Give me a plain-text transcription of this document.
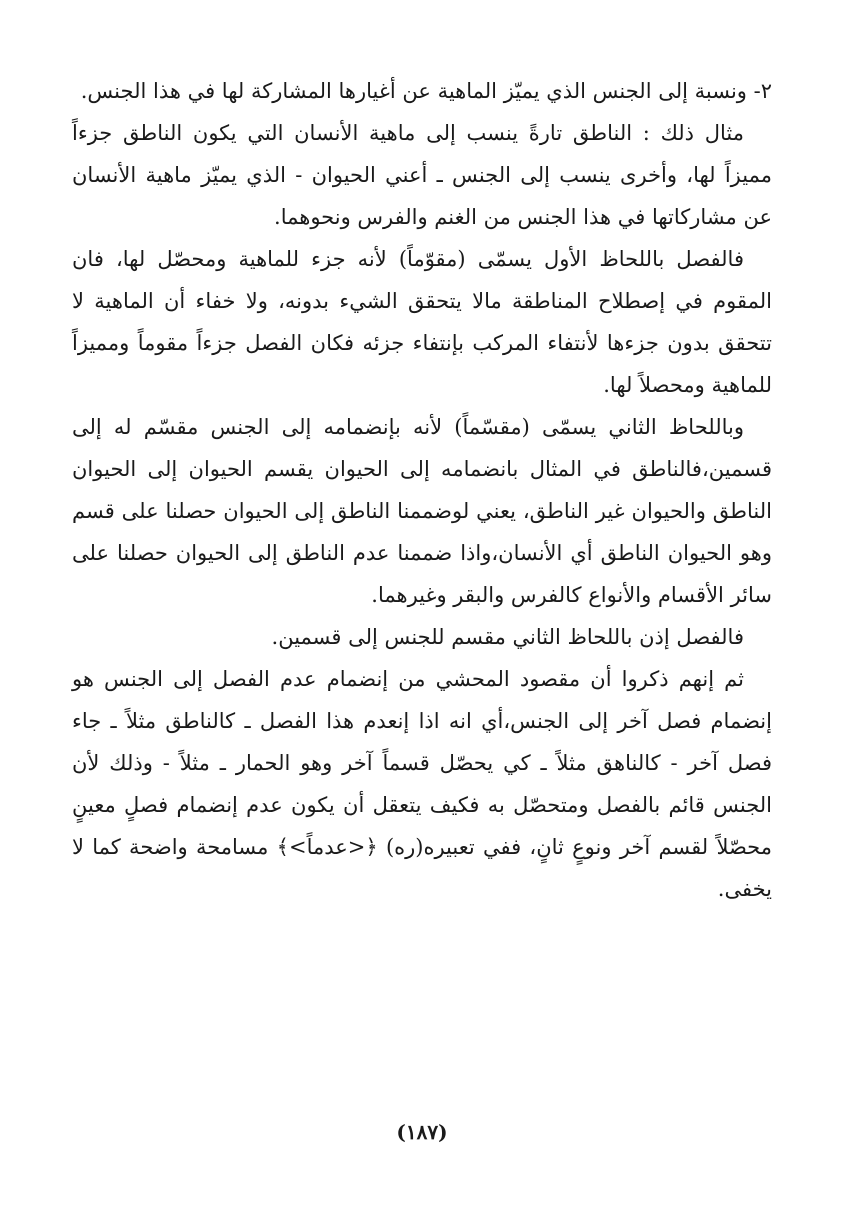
٢- ونسبة إلى الجنس الذي يميّز الماهية عن أغيارها المشاركة لها في هذا الجنس.

مثال ذلك : الناطق تارةً ينسب إلى ماهية الأنسان التي يكون الناطق جزءاً مميزاً لها، وأخرى ينسب إلى الجنس ـ أعني الحيوان - الذي يميّز ماهية الأنسان عن مشاركاتها في هذا الجنس من الغنم والفرس ونحوهما.

فالفصل باللحاظ الأول يسمّى (مقوّماً) لأنه جزء للماهية ومحصّل لها، فان المقوم في إصطلاح المناطقة مالا يتحقق الشيء بدونه، ولا خفاء أن الماهية لا تتحقق بدون جزءها لأنتفاء المركب بإنتفاء جزئه فكان الفصل جزءاً مقوماً ومميزاً للماهية ومحصلاً لها.

وباللحاظ الثاني يسمّى (مقسّماً) لأنه بإنضمامه إلى الجنس مقسّم له إلى قسمين،فالناطق في المثال بانضمامه إلى الحيوان يقسم الحيوان إلى الحيوان الناطق والحيوان غير الناطق، يعني لوضممنا الناطق إلى الحيوان حصلنا على قسم وهو الحيوان الناطق أي الأنسان،واذا ضممنا عدم الناطق إلى الحيوان حصلنا على سائر الأقسام والأنواع كالفرس والبقر وغيرهما.

فالفصل إذن باللحاظ الثاني مقسم للجنس إلى قسمين.

ثم إنهم ذكروا أن مقصود المحشي من إنضمام عدم الفصل إلى الجنس هو إنضمام فصل آخر إلى الجنس،أي انه اذا إنعدم هذا الفصل ـ كالناطق مثلاً ـ جاء فصل آخر - كالناهق مثلاً ـ كي يحصّل قسماً آخر وهو الحمار ـ مثلاً - وذلك لأن الجنس قائم بالفصل ومتحصّل به فكيف يتعقل أن يكون عدم إنضمام فصلٍ معينٍ محصّلاً لقسم آخر ونوعٍ ثانٍ، ففي تعبيره(ره) ﴿<عدماً>﴾ مسامحة واضحة كما لا يخفى.

(١٨٧)
